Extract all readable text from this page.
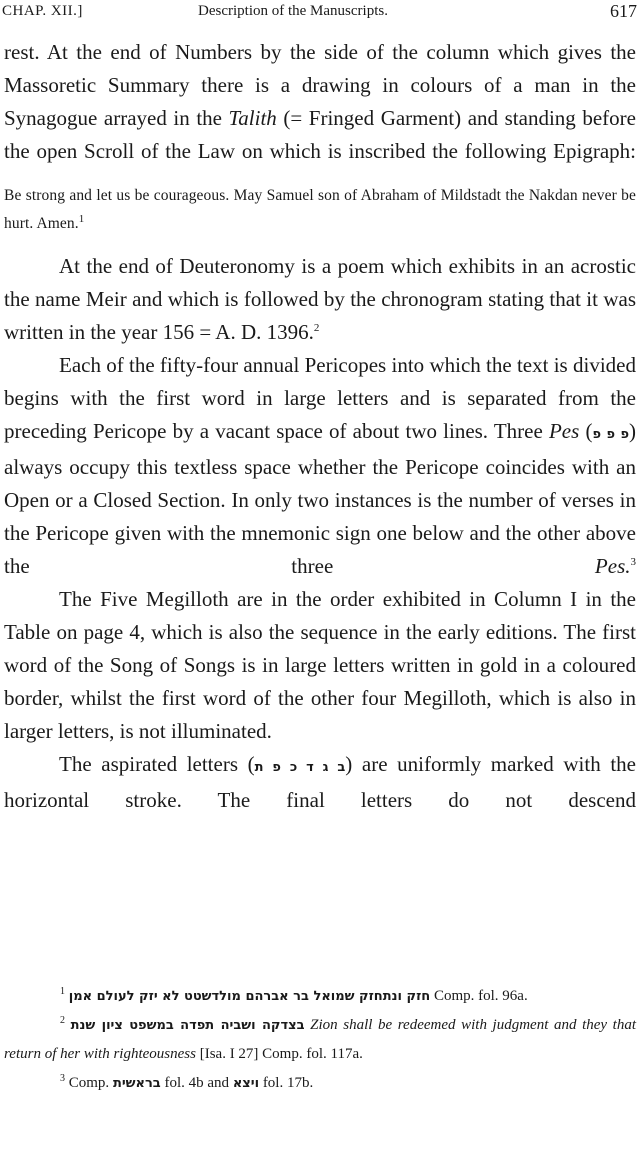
CHAP. XII.]	Description of the Manuscripts.	617

rest. At the end of Numbers by the side of the column which gives the Massoretic Summary there is a drawing in colours of a man in the Synagogue arrayed in the Talith (= Fringed Garment) and standing before the open Scroll of the Law on which is inscribed the following Epigraph:

Be strong and let us be courageous. May Samuel son of Abraham of Mildstadt the Nakdan never be hurt. Amen.$^1$

At the end of Deuteronomy is a poem which exhibits in an acrostic the name Meir and which is followed by the chronogram stating that it was written in the year 156 = A. D. 1396.$^2$

Each of the fifty-four annual Pericopes into which the text is divided begins with the first word in large letters and is separated from the preceding Pericope by a vacant space of about two lines. Three Pes (פ פ פ) always occupy this textless space whether the Pericope coincides with an Open or a Closed Section. In only two instances is the number of verses in the Pericope given with the mnemonic sign one below and the other above the three Pes.$^3$

The Five Megilloth are in the order exhibited in Column I in the Table on page 4, which is also the sequence in the early editions. The first word of the Song of Songs is in large letters written in gold in a coloured border, whilst the first word of the other four Megilloth, which is also in larger letters, is not illuminated.

The aspirated letters (ב ג ד כ פ ת) are uniformly marked with the horizontal stroke. The final letters do not descend

$^1$ חזק ונתחזק שמואל בר אברהם מולדשטט לא יזק לעולם אמן Comp. fol. 96a.

$^2$ בצדקה ושביה תפדה במשפט ציון שנת Zion shall be redeemed with judgment and they that return of her with righteousness [Isa. I 27] Comp. fol. 117a.

$^3$ Comp. בראשית fol. 4b and ויצא fol. 17b.
